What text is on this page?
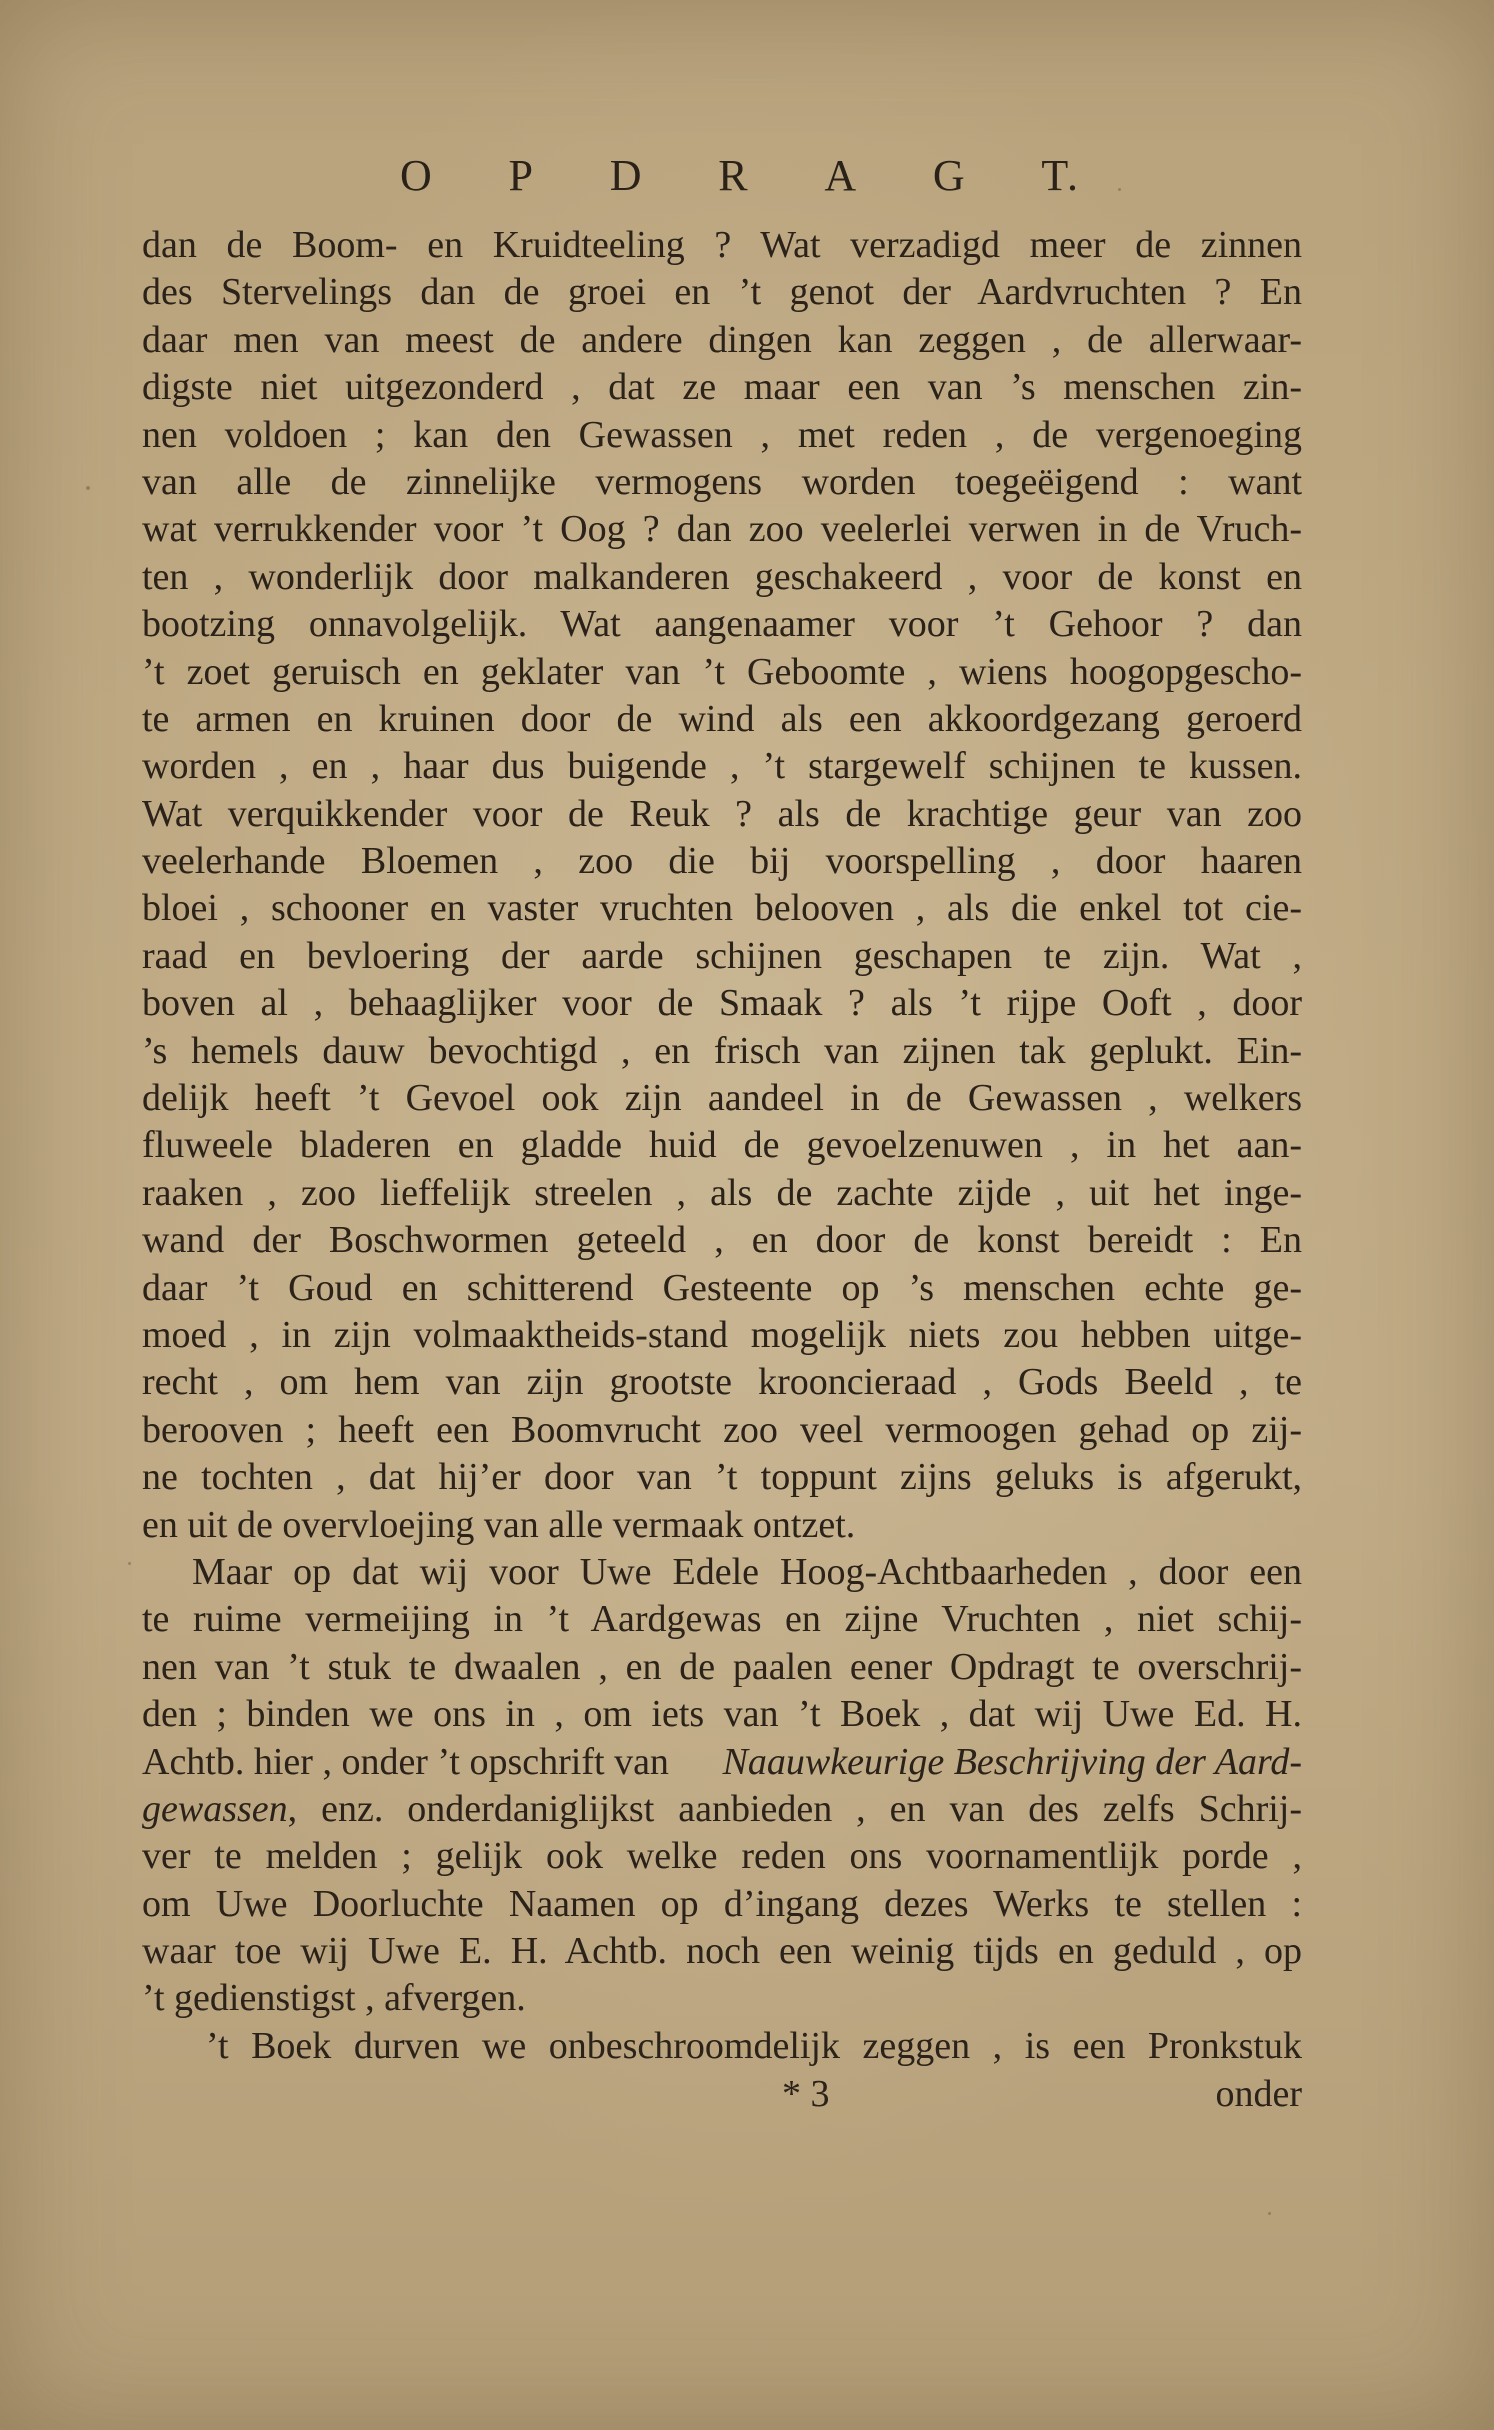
O P D R A G T.
dan de Boom- en Kruidteeling ? Wat verzadigd meer de zinnen
des Stervelings dan de groei en ’t genot der Aardvruchten ? En
daar men van meest de andere dingen kan zeggen , de allerwaar-
digste niet uitgezonderd , dat ze maar een van ’s menschen zin-
nen voldoen ; kan den Gewassen , met reden , de vergenoeging
van alle de zinnelijke vermogens worden toegeëigend : want
wat verrukkender voor ’t Oog ? dan zoo veelerlei verwen in de Vruch-
ten , wonderlijk door malkanderen geschakeerd , voor de konst en
bootzing onnavolgelijk. Wat aangenaamer voor ’t Gehoor ? dan
’t zoet geruisch en geklater van ’t Geboomte , wiens hoogopgescho-
te armen en kruinen door de wind als een akkoordgezang geroerd
worden , en , haar dus buigende , ’t stargewelf schijnen te kussen.
Wat verquikkender voor de Reuk ? als de krachtige geur van zoo
veelerhande Bloemen , zoo die bij voorspelling , door haaren
bloei , schooner en vaster vruchten belooven , als die enkel tot cie-
raad en bevloering der aarde schijnen geschapen te zijn. Wat ,
boven al , behaaglijker voor de Smaak ? als ’t rijpe Ooft , door
’s hemels dauw bevochtigd , en frisch van zijnen tak geplukt. Ein-
delijk heeft ’t Gevoel ook zijn aandeel in de Gewassen , welkers
fluweele bladeren en gladde huid de gevoelzenuwen , in het aan-
raaken , zoo lieffelijk streelen , als de zachte zijde , uit het inge-
wand der Boschwormen geteeld , en door de konst bereidt : En
daar ’t Goud en schitterend Gesteente op ’s menschen echte ge-
moed , in zijn volmaaktheids-stand mogelijk niets zou hebben uitge-
recht , om hem van zijn grootste krooncieraad , Gods Beeld , te
berooven ; heeft een Boomvrucht zoo veel vermoogen gehad op zij-
ne tochten , dat hij’er door van ’t toppunt zijns geluks is afgerukt,
en uit de overvloejing van alle vermaak ontzet.
Maar op dat wij voor Uwe Edele Hoog-Achtbaarheden , door een
te ruime vermeijing in ’t Aardgewas en zijne Vruchten , niet schij-
nen van ’t stuk te dwaalen , en de paalen eener Opdragt te overschrij-
den ; binden we ons in , om iets van ’t Boek , dat wij Uwe Ed. H.
Achtb. hier , onder ’t opschrift van Naauwkeurige Beschrijving der Aard-
gewassen , enz. onderdaniglijkst aanbieden , en van des zelfs Schrij-
ver te melden ; gelijk ook welke reden ons voornamentlijk porde ,
om Uwe Doorluchte Naamen op d’ingang dezes Werks te stellen :
waar toe wij Uwe E. H. Achtb. noch een weinig tijds en geduld , op
’t gedienstigst , afvergen.
’t Boek durven we onbeschroomdelijk zeggen , is een Pronkstuk
* 3	onder
